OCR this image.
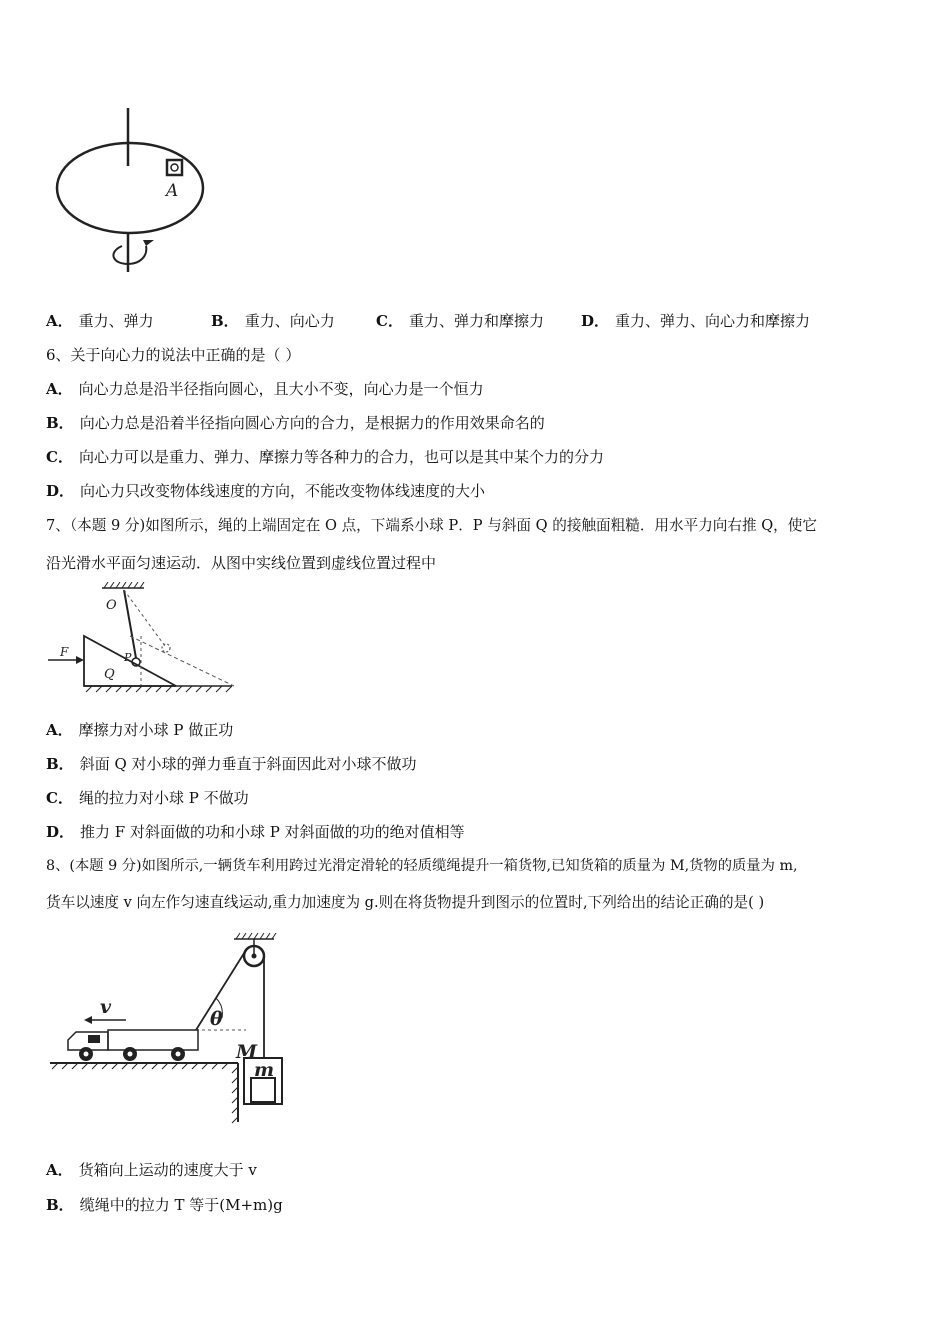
A
A． 重力、弹力	B． 重力、向心力	C． 重力、弹力和摩擦力 D． 重力、弹力、向心力和摩擦力
6、关于向心力的说法中正确的是（ ）
A． 向心力总是沿半径指向圆心，且大小不变，向心力是一个恒力
B． 向心力总是沿着半径指向圆心方向的合力，是根据力的作用效果命名的
C． 向心力可以是重力、弹力、摩擦力等各种力的合力，也可以是其中某个力的分力
D． 向心力只改变物体线速度的方向，不能改变物体线速度的大小
7、（本题 9 分)如图所示，绳的上端固定在 O 点，下端系小球 P．P 与斜面 Q 的接触面粗糙．用水平力向右推 Q，使它
沿光滑水平面匀速运动．从图中实线位置到虚线位置过程中
O
P
Q
F
A． 摩擦力对小球 P 做正功
B． 斜面 Q 对小球的弹力垂直于斜面因此对小球不做功
C． 绳的拉力对小球 P 不做功
D． 推力 F 对斜面做的功和小球 P 对斜面做的功的绝对值相等
8、(本题 9 分)如图所示,一辆货车利用跨过光滑定滑轮的轻质缆绳提升一箱货物,已知货箱的质量为 M,货物的质量为 m,
货车以速度 v 向左作匀速直线运动,重力加速度为 g.则在将货物提升到图示的位置时,下列给出的结论正确的是( )
θ
v
M
m
A． 货箱向上运动的速度大于 v
B． 缆绳中的拉力 T 等于(M+m)g
